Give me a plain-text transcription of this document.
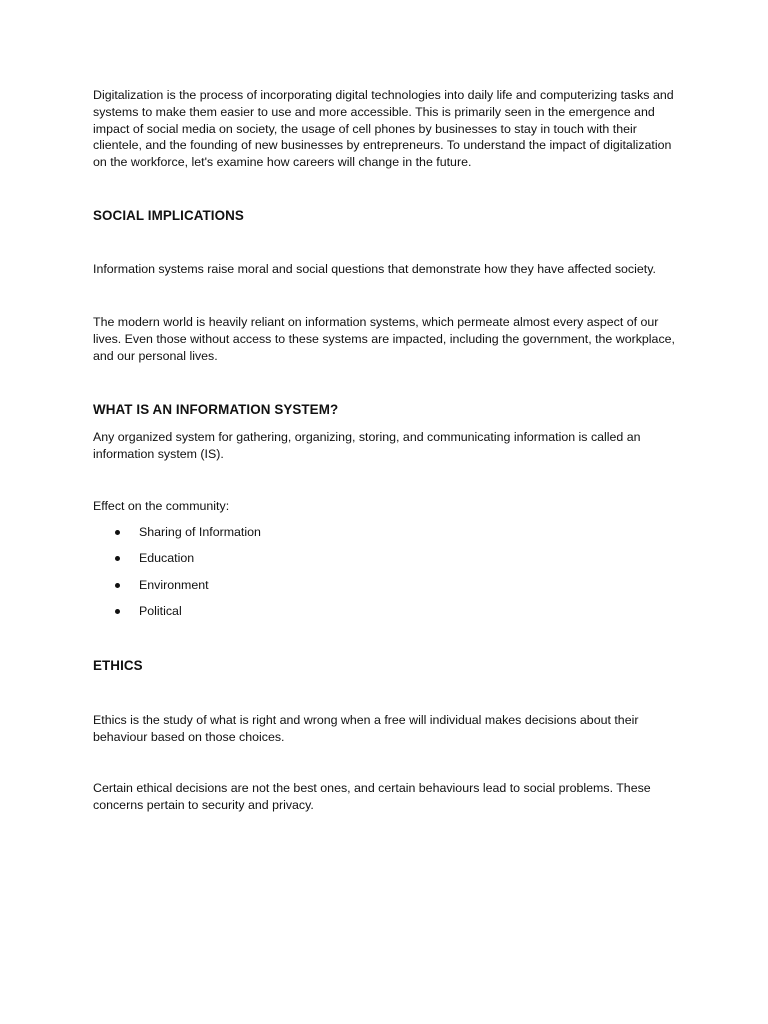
Digitalization is the process of incorporating digital technologies into daily life and computerizing tasks and systems to make them easier to use and more accessible. This is primarily seen in the emergence and impact of social media on society, the usage of cell phones by businesses to stay in touch with their clientele, and the founding of new businesses by entrepreneurs. To understand the impact of digitalization on the workforce, let's examine how careers will change in the future.

SOCIAL IMPLICATIONS

Information systems raise moral and social questions that demonstrate how they have affected society.

The modern world is heavily reliant on information systems, which permeate almost every aspect of our lives. Even those without access to these systems are impacted, including the government, the workplace, and our personal lives.

WHAT IS AN INFORMATION SYSTEM?

Any organized system for gathering, organizing, storing, and communicating information is called an information system (IS).

Effect on the community:

Sharing of Information
Education
Environment
Political
ETHICS

Ethics is the study of what is right and wrong when a free will individual makes decisions about their behaviour based on those choices.

Certain ethical decisions are not the best ones, and certain behaviours lead to social problems. These concerns pertain to security and privacy.
